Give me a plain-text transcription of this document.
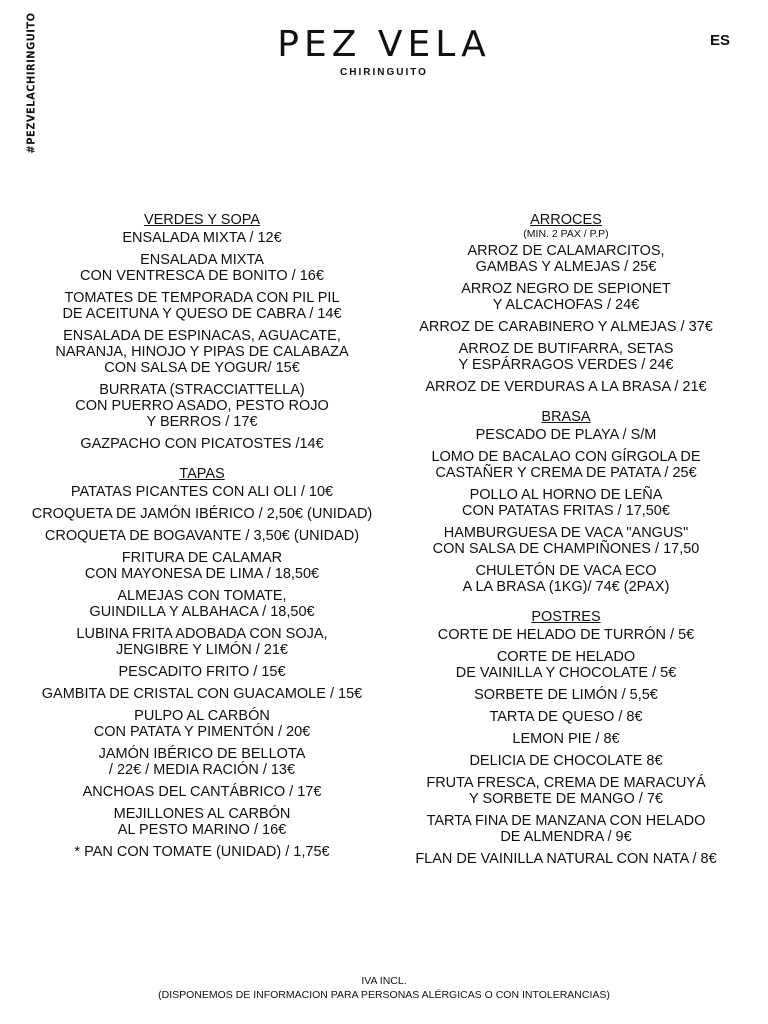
#PEZVELACHIRINGUITO	PEZ VELA
CHIRINGUITO
ES
VERDES Y SOPA
ENSALADA MIXTA / 12€
ENSALADA MIXTA
CON VENTRESCA DE BONITO / 16€
TOMATES DE TEMPORADA CON PIL PIL
DE ACEITUNA Y QUESO DE CABRA / 14€
ENSALADA DE ESPINACAS, AGUACATE,
NARANJA, HINOJO Y PIPAS DE CALABAZA
CON SALSA DE YOGUR/ 15€
BURRATA (STRACCIATTELLA)
CON PUERRO ASADO, PESTO ROJO
Y BERROS / 17€
GAZPACHO CON PICATOSTES /14€
TAPAS
PATATAS PICANTES CON ALI OLI / 10€
CROQUETA DE JAMÓN IBÉRICO / 2,50€ (UNIDAD)
CROQUETA DE BOGAVANTE / 3,50€ (UNIDAD)
FRITURA DE CALAMAR
CON MAYONESA DE LIMA / 18,50€
ALMEJAS CON TOMATE,
GUINDILLA Y ALBAHACA / 18,50€
LUBINA FRITA ADOBADA CON SOJA,
JENGIBRE Y LIMÓN / 21€
PESCADITO FRITO / 15€
GAMBITA DE CRISTAL CON GUACAMOLE / 15€
PULPO AL CARBÓN
CON PATATA Y PIMENTÓN / 20€
JAMÓN IBÉRICO DE BELLOTA
/ 22€ / MEDIA RACIÓN / 13€
ANCHOAS DEL CANTÁBRICO / 17€
MEJILLONES AL CARBÓN
AL PESTO MARINO / 16€
* PAN CON TOMATE (UNIDAD) / 1,75€
ARROCES
(MIN. 2 PAX / P.P)
ARROZ DE CALAMARCITOS,
GAMBAS Y ALMEJAS / 25€
ARROZ NEGRO DE SEPIONET
Y ALCACHOFAS / 24€
ARROZ DE CARABINERO Y ALMEJAS / 37€
ARROZ DE BUTIFARRA, SETAS
Y ESPÁRRAGOS VERDES / 24€
ARROZ DE VERDURAS A LA BRASA / 21€
BRASA
PESCADO DE PLAYA / S/M
LOMO DE BACALAO CON GÍRGOLA DE
CASTAÑER Y CREMA DE PATATA / 25€
POLLO AL HORNO DE LEÑA
CON PATATAS FRITAS / 17,50€
HAMBURGUESA DE VACA "ANGUS"
CON SALSA DE CHAMPIÑONES / 17,50
CHULETÓN DE VACA ECO
A LA BRASA (1KG)/ 74€ (2PAX)
POSTRES
CORTE DE HELADO DE TURRÓN / 5€
CORTE DE HELADO
DE VAINILLA Y CHOCOLATE / 5€
SORBETE DE LIMÓN / 5,5€
TARTA DE QUESO / 8€
LEMON PIE / 8€
DELICIA DE CHOCOLATE 8€
FRUTA FRESCA, CREMA DE MARACUYÁ
Y SORBETE DE MANGO / 7€
TARTA FINA DE MANZANA CON HELADO
DE ALMENDRA / 9€
FLAN DE VAINILLA NATURAL CON NATA / 8€
IVA INCL.
(DISPONEMOS DE INFORMACION PARA PERSONAS ALÉRGICAS O CON INTOLERANCIAS)
